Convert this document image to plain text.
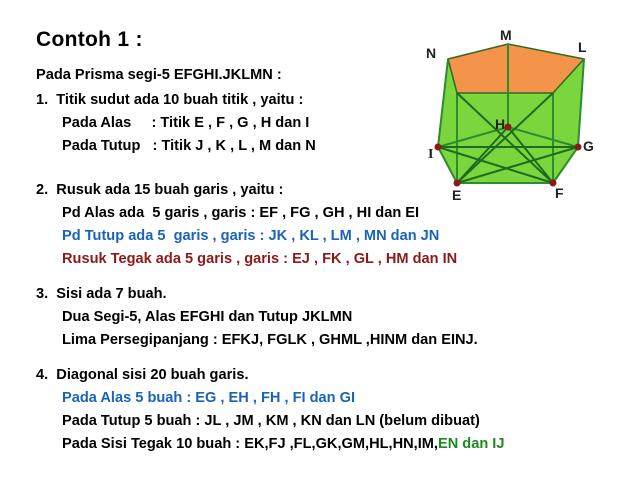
Contoh 1 :
Pada Prisma segi-5 EFGHI.JKLMN :
1.  Titik sudut ada 10 buah titik , yaitu :
Pada Alas     : Titik E , F , G , H dan I
Pada Tutup   : Titik J , K , L , M dan N
2.  Rusuk ada 15 buah garis , yaitu :
Pd Alas ada  5 garis , garis : EF , FG , GH , HI dan EI
Pd Tutup ada 5  garis , garis : JK , KL , LM , MN dan JN
Rusuk Tegak ada 5 garis , garis : EJ , FK , GL , HM dan IN
3.  Sisi ada 7 buah.
Dua Segi-5, Alas EFGHI dan Tutup JKLMN
Lima Persegipanjang : EFKJ, FGLK , GHML ,HINM dan EINJ.
4.  Diagonal sisi 20 buah garis.
Pada Alas 5 buah : EG , EH , FH , FI dan GI
Pada Tutup 5 buah : JL , JM , KM , KN dan LN (belum dibuat)
Pada Sisi Tegak 10 buah : EK,FJ ,FL,GK,GM,HL,HN,IM,EN dan IJ
M
N	L
H
I
G
E	F
